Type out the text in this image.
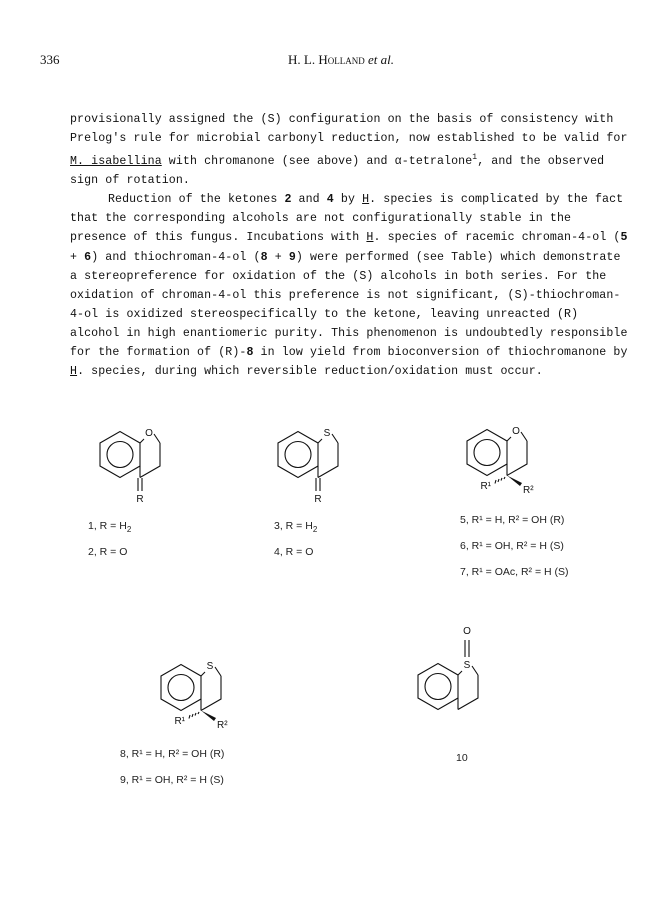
336	H. L. Holland et al.

provisionally assigned the (S) configuration on the basis of consistency with Prelog's rule for microbial carbonyl reduction, now established to be valid for M. isabellina with chromanone (see above) and α-tetralone$^1$, and the observed sign of rotation.

Reduction of the ketones 2 and 4 by H. species is complicated by the fact that the corresponding alcohols are not configurationally stable in the presence of this fungus. Incubations with H. species of racemic chroman-4-ol (5 + 6) and thiochroman-4-ol (8 + 9) were performed (see Table) which demonstrate a stereopreference for oxidation of the (S) alcohols in both series. For the oxidation of chroman-4-ol this preference is not significant, (S)-thiochroman-4-ol is oxidized stereospecifically to the ketone, leaving unreacted (R) alcohol in high enantiomeric purity. This phenomenon is undoubtedly responsible for the formation of (R)-8 in low yield from bioconversion of thiochromanone by H. species, during which reversible reduction/oxidation must occur.

O
R
1, $R = H_2$
2, R = O
S
R
3, $R = H_2$
4, R = O
R¹	R²
O
5, R¹ = H, R² = OH (R)
6, R¹ = OH, R² = H (S)
7, R¹ = OAc, R² = H (S)
R¹	R²
S
8, R¹ = H, R² = OH (R)
9, R¹ = OH, R² = H (S)
O
S
10
